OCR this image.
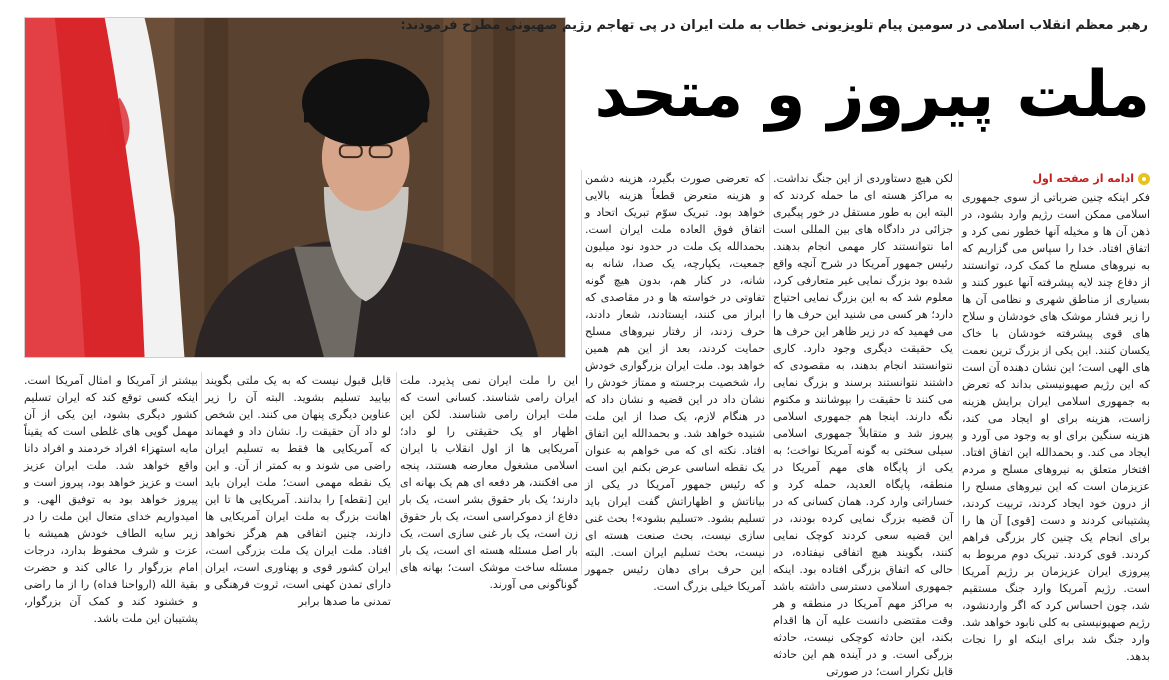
رهبر معظم انقلاب اسلامی در سومین پیام تلویزیونی خطاب به ملت ایران در پی تهاجم رژیم صهیونی مطرح فرمودند:
ملت پیروز و متحد
ادامه از صفحه اول

فکر اینکه چنین ضرباتی از سوی جمهوری اسلامی ممکن است رژیم وارد بشود، در ذهن آن ها و مخیله آنها خطور نمی کرد و اتفاق افتاد. خدا را سپاس می گزاریم که به نیروهای مسلح ما کمک کرد، توانستند از دفاع چند لایه پیشرفته آنها عبور کنند و بسیاری از مناطق شهری و نظامی آن ها را زیر فشار موشک های خودشان و سلاح های قوی پیشرفته خودشان با خاک یکسان کنند. این یکی از بزرگ ترین نعمت های الهی است؛ این نشان دهنده آن است که این رژیم صهیونیستی بداند که تعرض به جمهوری اسلامی ایران برایش هزینه زاست، هزینه برای او ایجاد می کند، هزینه سنگین برای او به وجود می آورد و ایجاد می کند. و بحمدالله این اتفاق افتاد. افتخار متعلق به نیروهای مسلح و مردم عزیزمان است که این نیروهای مسلح را از درون خود ایجاد کردند، تربیت کردند، پشتیبانی کردند و دست [قوی] آن ها را برای انجام یک چنین کار بزرگی فراهم کردند. قوی کردند. تبریک دوم مربوط به پیروزی ایران عزیزمان بر رژیم آمریکا است. رژیم آمریکا وارد جنگ مستقیم شد، چون احساس کرد که اگر واردنشود، رژیم صهیونیستی به کلی نابود خواهد شد. وارد جنگ شد برای اینکه او را نجات بدهد.

لکن هیچ دستاوردی از این جنگ نداشت. به مراکز هسته ای ما حمله کردند که البته این به طور مستقل در خور پیگیری جزائی در دادگاه های بین المللی است اما نتوانستند کار مهمی انجام بدهند. رئیس جمهور آمریکا در شرح آنچه واقع شده بود بزرگ نمایی غیر متعارفی کرد، معلوم شد که به این بزرگ نمایی احتیاج دارد؛ هر کسی می شنید این حرف ها را می فهمید که در زیر ظاهر این حرف ها یک حقیقت دیگری وجود دارد. کاری نتوانستند انجام بدهند، به مقصودی که داشتند نتوانستند برسند و بزرگ نمایی می کنند تا حقیقت را بپوشانند و مکتوم نگه دارند. اینجا هم جمهوری اسلامی پیروز شد و متقابلاً جمهوری اسلامی سیلی سختی به گونه آمریکا نواخت؛ به یکی از پایگاه های مهم آمریکا در منطقه، پایگاه العدید، حمله کرد و خساراتی وارد کرد. همان کسانی که در آن قضیه بزرگ نمایی کرده بودند، در این قضیه سعی کردند کوچک نمایی کنند، بگویند هیچ اتفاقی نیفتاده، در حالی که اتفاق بزرگی افتاده بود. اینکه جمهوری اسلامی دسترسی داشته باشد به مراکز مهم آمریکا در منطقه و هر وقت مقتضی دانست علیه آن ها اقدام بکند، این حادثه کوچکی نیست، حادثه بزرگی است. و در آینده هم این حادثه قابل تکرار است؛ در صورتی

که تعرضی صورت بگیرد، هزینه دشمن و هزینه متعرض قطعاً هزینه بالایی خواهد بود. تبریک سوّم تبریک اتحاد و اتفاق فوق العاده ملت ایران است. بحمدالله یک ملت در حدود نود میلیون جمعیت، یکپارچه، یک صدا، شانه به شانه، در کنار هم، بدون هیچ گونه تفاوتی در خواسته ها و در مقاصدی که ابراز می کنند، ایستادند، شعار دادند، حرف زدند، از رفتار نیروهای مسلح حمایت کردند، بعد از این هم همین خواهد بود. ملت ایران بزرگواری خودش را، شخصیت برجسته و ممتاز خودش را نشان داد در این قضیه و نشان داد که در هنگام لازم، یک صدا از این ملت شنیده خواهد شد. و بحمدالله این اتفاق افتاد. نکته ای که می خواهم به عنوان یک نقطه اساسی عرض بکنم این است که رئیس جمهور آمریکا در یکی از بیاناتش و اظهاراتش گفت ایران باید تسلیم بشود. «تسلیم بشود»! بحث غنی سازی نیست، بحث صنعت هسته ای نیست، بحث تسلیم ایران است. البته این حرف برای دهان رئیس جمهور آمریکا خیلی بزرگ است.

این را ملت ایران نمی پذیرد. ملت ایران رامی شناسند. کسانی است که ملت ایران رامی شناسند. لکن این اظهار او یک حقیقتی را لو داد؛ آمریکایی ها از اول انقلاب با ایران اسلامی مشغول معارضه هستند، پنجه می افکنند، هر دفعه ای هم یک بهانه ای دارند؛ یک بار حقوق بشر است، یک بار دفاع از دموکراسی است، یک بار حقوق زن است، یک بار غنی سازی است، یک بار اصل مسئله هسته ای است، یک بار مسئله ساخت موشک است؛ بهانه های گوناگونی می آورند.

قابل قبول نیست که به یک ملتی بگویند بیایید تسلیم بشوید. البته آن را زیر عناوین دیگری پنهان می کنند. این شخص لو داد آن حقیقت را. نشان داد و فهماند که آمریکایی ها فقط به تسلیم ایران راضی می شوند و به کمتر از آن. و این یک نقطه مهمی است؛ ملت ایران باید این [نقطه] را بدانند. آمریکایی ها تا این اهانت بزرگ به ملت ایران آمریکایی ها دارند، چنین اتفاقی هم هرگز نخواهد افتاد. ملت ایران یک ملت بزرگی است، ایران کشور قوی و پهناوری است، ایران دارای تمدن کهنی است، ثروت فرهنگی و تمدنی ما صدها برابر

بیشتر از آمریکا و امثال آمریکا است. اینکه کسی توقع کند که ایران تسلیم کشور دیگری بشود، این یکی از آن مهمل گویی های غلطی است که یقیناً مایه استهزاء افراد خردمند و افراد دانا واقع خواهد شد. ملت ایران عزیز است و عزیز خواهد بود، پیروز است و پیروز خواهد بود به توفیق الهی. و امیدواریم خدای متعال این ملت را در زیر سایه الطاف خودش همیشه با عزت و شرف محفوظ بدارد، درجات امام بزرگوار را عالی کند و حضرت بقیة الله (ارواحنا فداه) را از ما راضی و خشنود کند و کمک آن بزرگوار، پشتیبان این ملت باشد.
